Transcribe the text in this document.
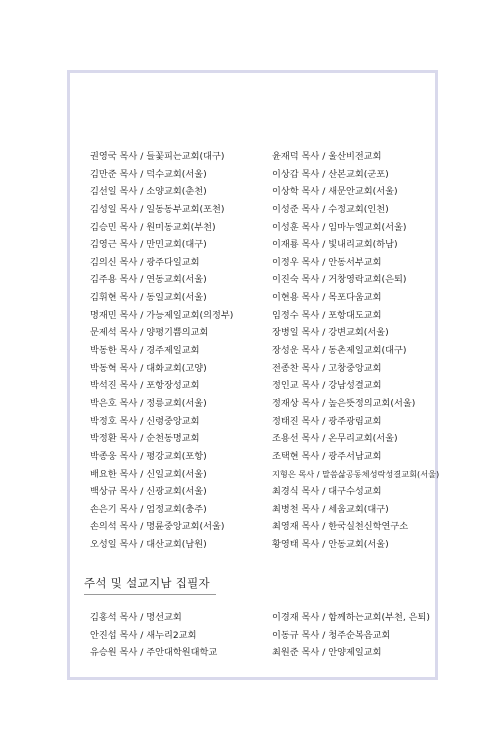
권영국 목사 / 들꽃피는교회(대구)	윤재덕 목사 / 울산비전교회
김만준 목사 / 덕수교회(서울)	이상갑 목사 / 산본교회(군포)
김선일 목사 / 소양교회(춘천)	이상학 목사 / 새문안교회(서울)
김성일 목사 / 일동동부교회(포천)	이성준 목사 / 수정교회(인천)
김승민 목사 / 원미동교회(부천)	이성훈 목사 / 임마누엘교회(서울)
김영근 목사 / 만민교회(대구)	이재룡 목사 / 빛내리교회(하남)
김의신 목사 / 광주다일교회	이정우 목사 / 안동서부교회
김주용 목사 / 연동교회(서울)	이진숙 목사 / 거창영락교회(은퇴)
김휘현 목사 / 동일교회(서울)	이현용 목사 / 목포다움교회
명재민 목사 / 가능제일교회(의정부)	임정수 목사 / 포항대도교회
문제석 목사 / 양평기쁨의교회	장병일 목사 / 강변교회(서울)
박동한 목사 / 경주제일교회	장성운 목사 / 동촌제일교회(대구)
박동혁 목사 / 대화교회(고양)	전종찬 목사 / 고창중앙교회
박석진 목사 / 포항장성교회	정인교 목사 / 강남성결교회
박은호 목사 / 정릉교회(서울)	정재상 목사 / 높은뜻정의교회(서울)
박정호 목사 / 신령중앙교회	정태진 목사 / 광주광림교회
박정환 목사 / 순천동명교회	조용선 목사 / 온무리교회(서울)
박종웅 목사 / 평강교회(포항)	조택현 목사 / 광주서남교회
배요한 목사 / 신일교회(서울)	지형은 목사 / 말씀삶공동체성락성결교회(서울)
백상규 목사 / 신광교회(서울)	최경식 목사 / 대구수성교회
손은기 목사 / 엄정교회(충주)	최병천 목사 / 세움교회(대구)
손의석 목사 / 명륜중앙교회(서울)	최영재 목사 / 한국실천신학연구소
오성일 목사 / 대산교회(남원)	황영태 목사 / 안동교회(서울)
주석 및 설교지남 집필자
김홍석 목사 / 명선교회	이경재 목사 / 함께하는교회(부천, 은퇴)
안진섭 목사 / 새누리2교회	이동규 목사 / 청주순복음교회
유승원 목사 / 주안대학원대학교	최원준 목사 / 안양제일교회
